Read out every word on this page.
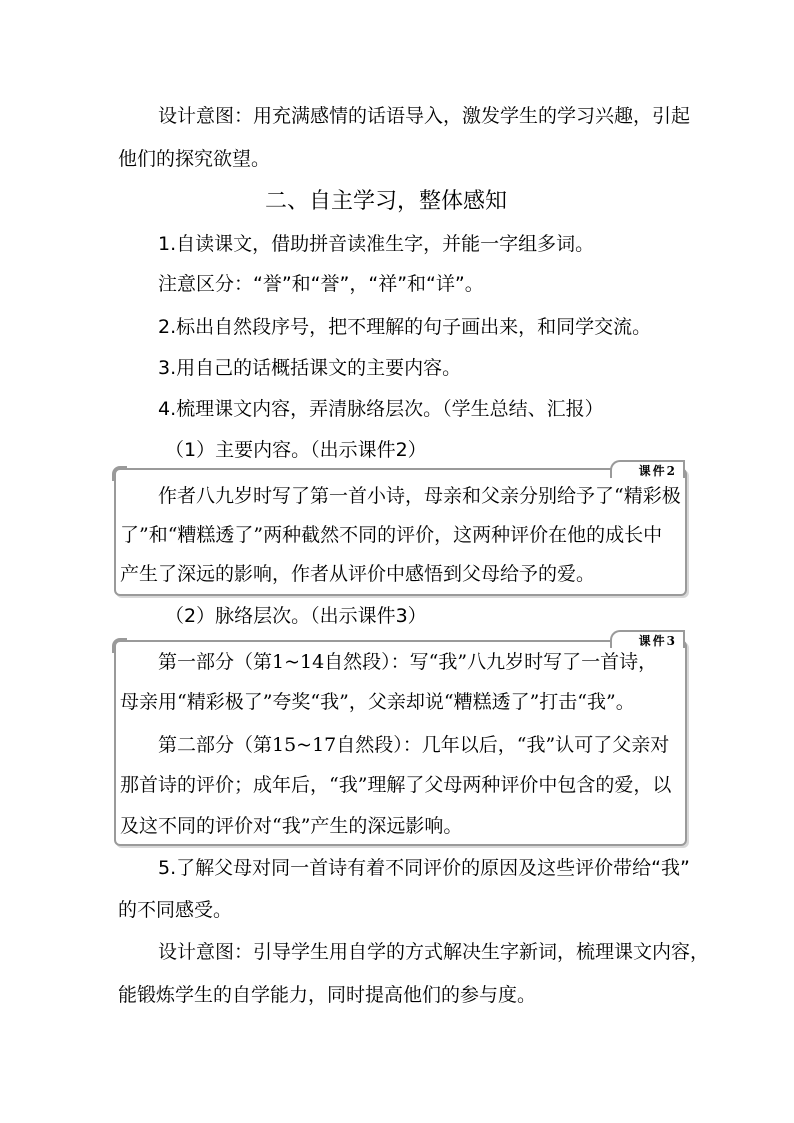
设计意图：用充满感情的话语导入，激发学生的学习兴趣，引起
他们的探究欲望。
二、自主学习，整体感知
1.自读课文，借助拼音读准生字，并能一字组多词。
注意区分：“誉”和“誉”，“祥”和“详”。
2.标出自然段序号，把不理解的句子画出来，和同学交流。
3.用自己的话概括课文的主要内容。
4.梳理课文内容，弄清脉络层次。（学生总结、汇报）
（1）主要内容。（出示课件2）
课件2
作者八九岁时写了第一首小诗，母亲和父亲分别给予了“精彩极
了”和“糟糕透了”两种截然不同的评价，这两种评价在他的成长中
产生了深远的影响，作者从评价中感悟到父母给予的爱。
（2）脉络层次。（出示课件3）
课件3
第一部分（第1~14自然段）：写“我”八九岁时写了一首诗，
母亲用“精彩极了”夸奖“我”，父亲却说“糟糕透了”打击“我”。
第二部分（第15~17自然段）：几年以后，“我”认可了父亲对
那首诗的评价；成年后，“我”理解了父母两种评价中包含的爱，以
及这不同的评价对“我”产生的深远影响。
5.了解父母对同一首诗有着不同评价的原因及这些评价带给“我”
的不同感受。
设计意图：引导学生用自学的方式解决生字新词，梳理课文内容，
能锻炼学生的自学能力，同时提高他们的参与度。
